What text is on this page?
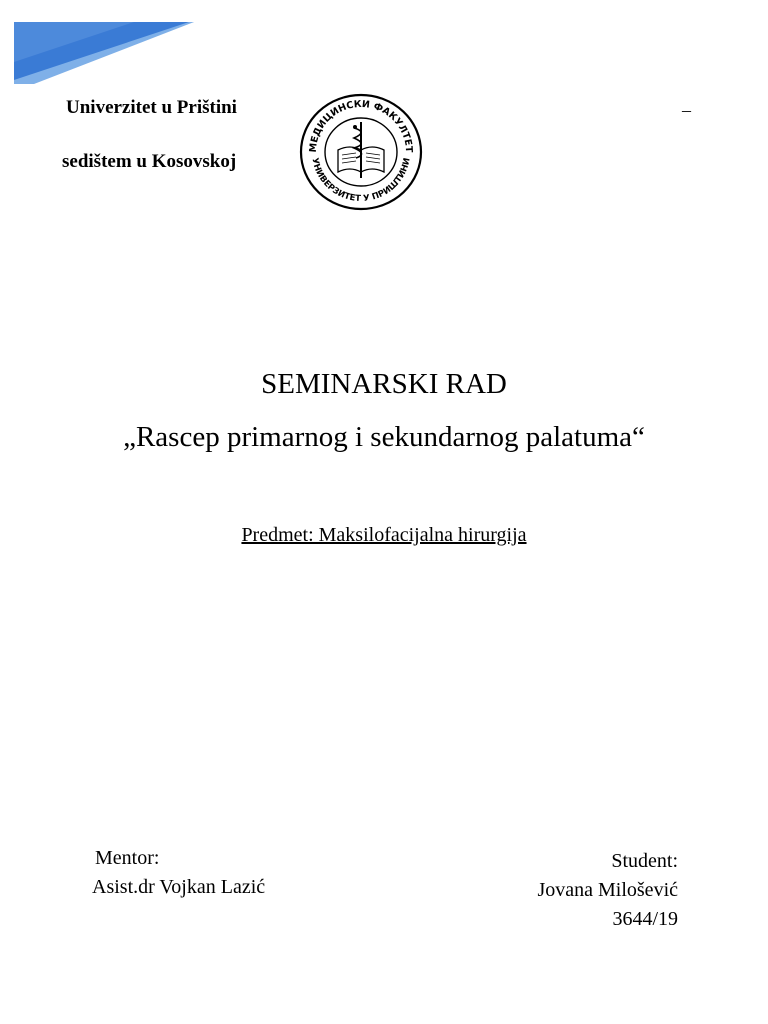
Univerzitet u Prištini
sedištem u Kosovskoj
–
МЕДИЦИНСКИ ФАКУЛТЕТ
УНИВЕРЗИТЕТ У ПРИШТИНИ
SEMINARSKI RAD
„Rascep primarnog i sekundarnog palatuma“
Predmet: Maksilofacijalna hirurgija
Mentor:
Asist.dr Vojkan Lazić
Student:
Jovana Milošević
3644/19
